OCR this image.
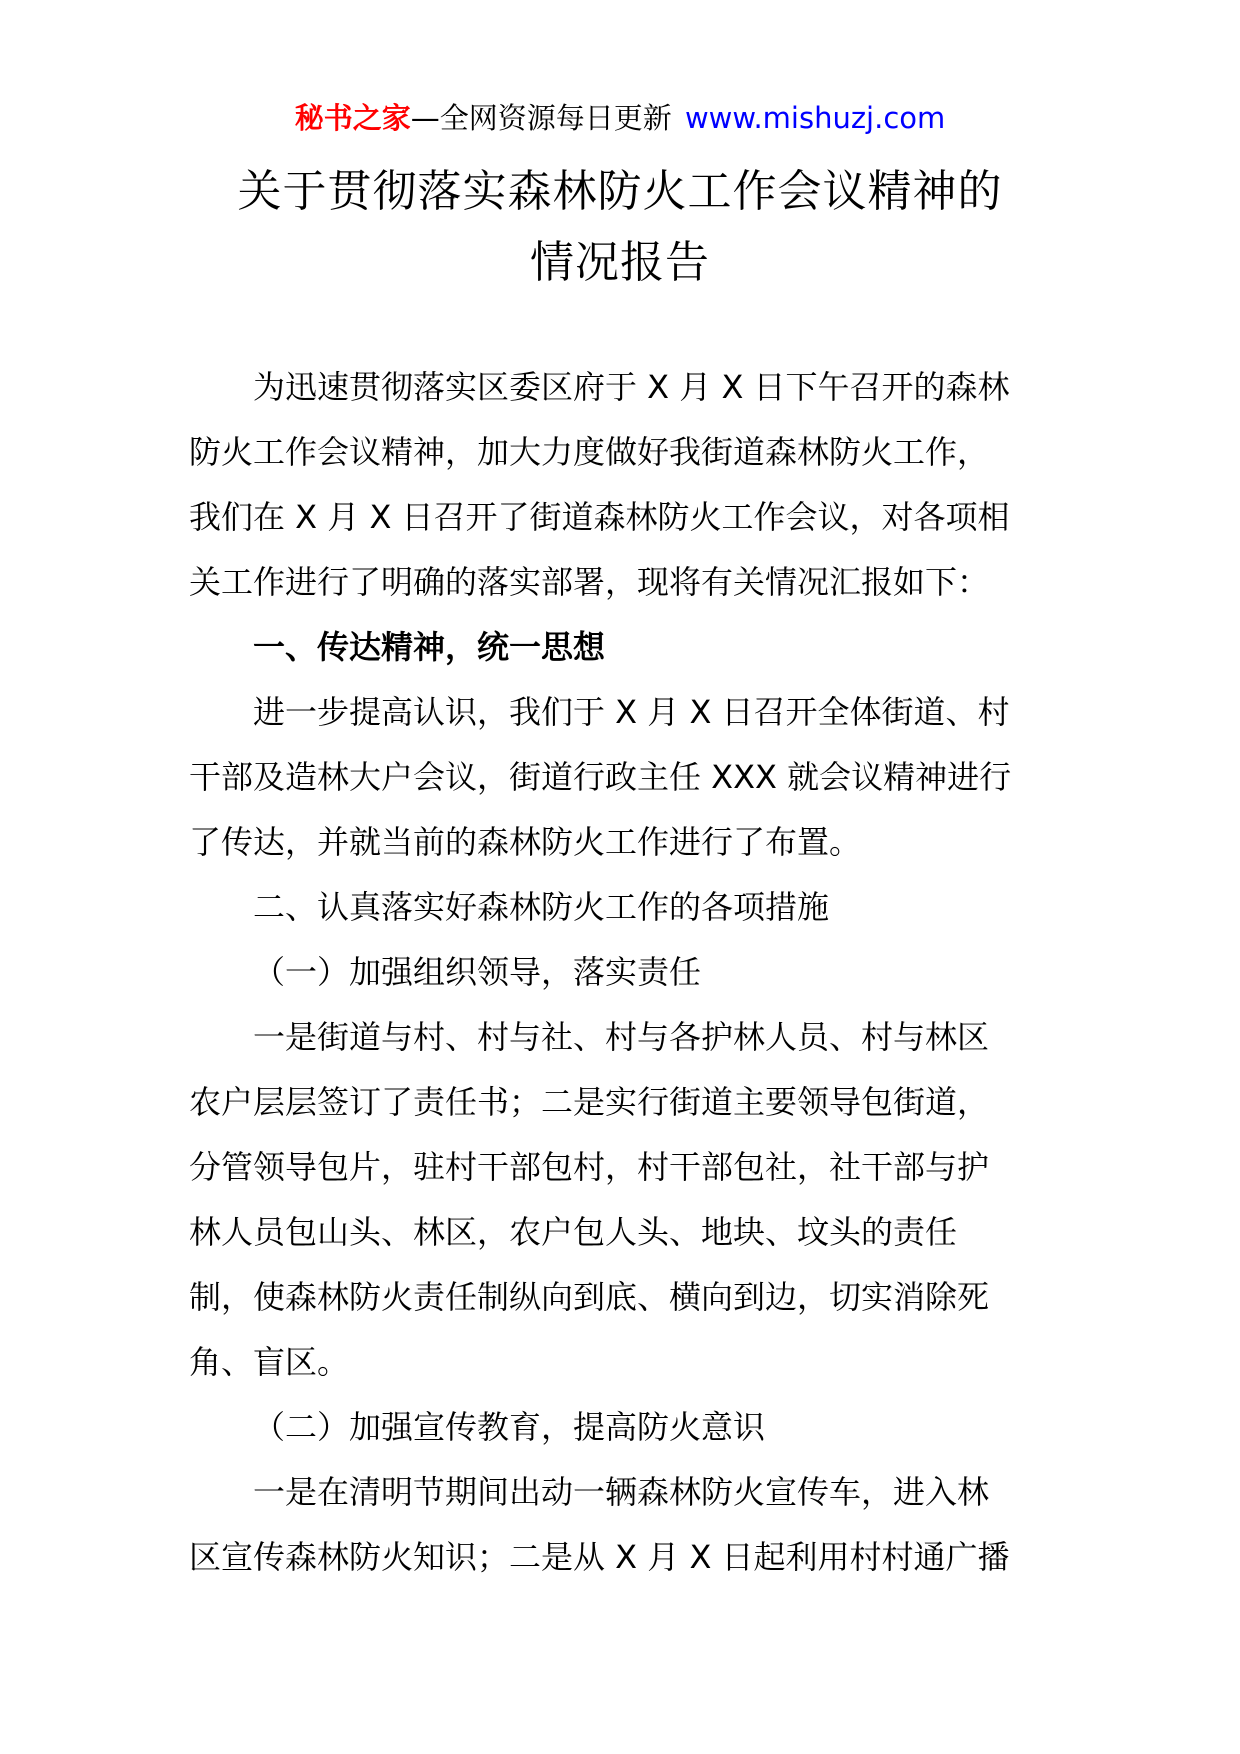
秘书之家—全网资源每日更新 www.mishuzj.com
关于贯彻落实森林防火工作会议精神的
情况报告
为迅速贯彻落实区委区府于 X 月 X 日下午召开的森林
防火工作会议精神，加大力度做好我街道森林防火工作，
我们在 X 月 X 日召开了街道森林防火工作会议，对各项相
关工作进行了明确的落实部署，现将有关情况汇报如下：
一、传达精神，统一思想
进一步提高认识，我们于 X 月 X 日召开全体街道、村
干部及造林大户会议，街道行政主任 XXX 就会议精神进行
了传达，并就当前的森林防火工作进行了布置。
二、认真落实好森林防火工作的各项措施
（一）加强组织领导，落实责任
一是街道与村、村与社、村与各护林人员、村与林区
农户层层签订了责任书；二是实行街道主要领导包街道，
分管领导包片，驻村干部包村，村干部包社，社干部与护
林人员包山头、林区，农户包人头、地块、坟头的责任
制，使森林防火责任制纵向到底、横向到边，切实消除死
角、盲区。
（二）加强宣传教育，提高防火意识
一是在清明节期间出动一辆森林防火宣传车，进入林
区宣传森林防火知识；二是从 X 月 X 日起利用村村通广播
